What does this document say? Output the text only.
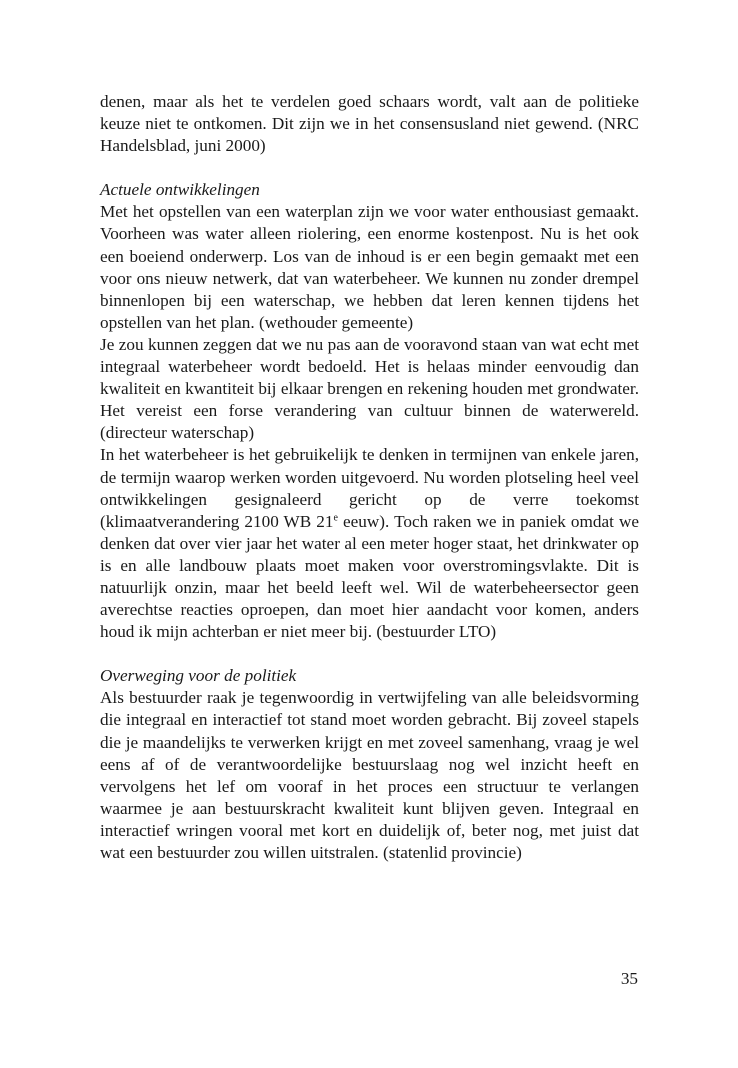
denen, maar als het te verdelen goed schaars wordt, valt aan de politieke keuze niet te ontkomen. Dit zijn we in het consensusland niet gewend. (NRC Handelsblad, juni 2000)

Actuele ontwikkelingen

Met het opstellen van een waterplan zijn we voor water enthousiast gemaakt. Voorheen was water alleen riolering, een enorme kostenpost. Nu is het ook een boeiend onderwerp. Los van de inhoud is er een begin gemaakt met een voor ons nieuw netwerk, dat van waterbeheer. We kunnen nu zonder drempel binnenlopen bij een waterschap, we hebben dat leren kennen tijdens het opstellen van het plan. (wethouder gemeente)

Je zou kunnen zeggen dat we nu pas aan de vooravond staan van wat echt met integraal waterbeheer wordt bedoeld. Het is helaas minder eenvoudig dan kwaliteit en kwantiteit bij elkaar brengen en rekening houden met grondwater. Het vereist een forse verandering van cultuur binnen de waterwereld. (directeur waterschap)

In het waterbeheer is het gebruikelijk te denken in termijnen van enkele jaren, de termijn waarop werken worden uitgevoerd. Nu worden plotseling heel veel ontwikkelingen gesignaleerd gericht op de verre toekomst (klimaatverandering 2100 WB 21e eeuw). Toch raken we in paniek omdat we denken dat over vier jaar het water al een meter hoger staat, het drinkwater op is en alle landbouw plaats moet maken voor overstromingsvlakte. Dit is natuurlijk onzin, maar het beeld leeft wel. Wil de waterbeheersector geen averechtse reacties oproepen, dan moet hier aandacht voor komen, anders houd ik mijn achterban er niet meer bij. (bestuurder LTO)

Overweging voor de politiek

Als bestuurder raak je tegenwoordig in vertwijfeling van alle beleidsvorming die integraal en interactief tot stand moet worden gebracht. Bij zoveel stapels die je maandelijks te verwerken krijgt en met zoveel samenhang, vraag je wel eens af of de verantwoordelijke bestuurslaag nog wel inzicht heeft en vervolgens het lef om vooraf in het proces een structuur te verlangen waarmee je aan bestuurskracht kwaliteit kunt blijven geven. Integraal en interactief wringen vooral met kort en duidelijk of, beter nog, met juist dat wat een bestuurder zou willen uitstralen. (statenlid provincie)

35
